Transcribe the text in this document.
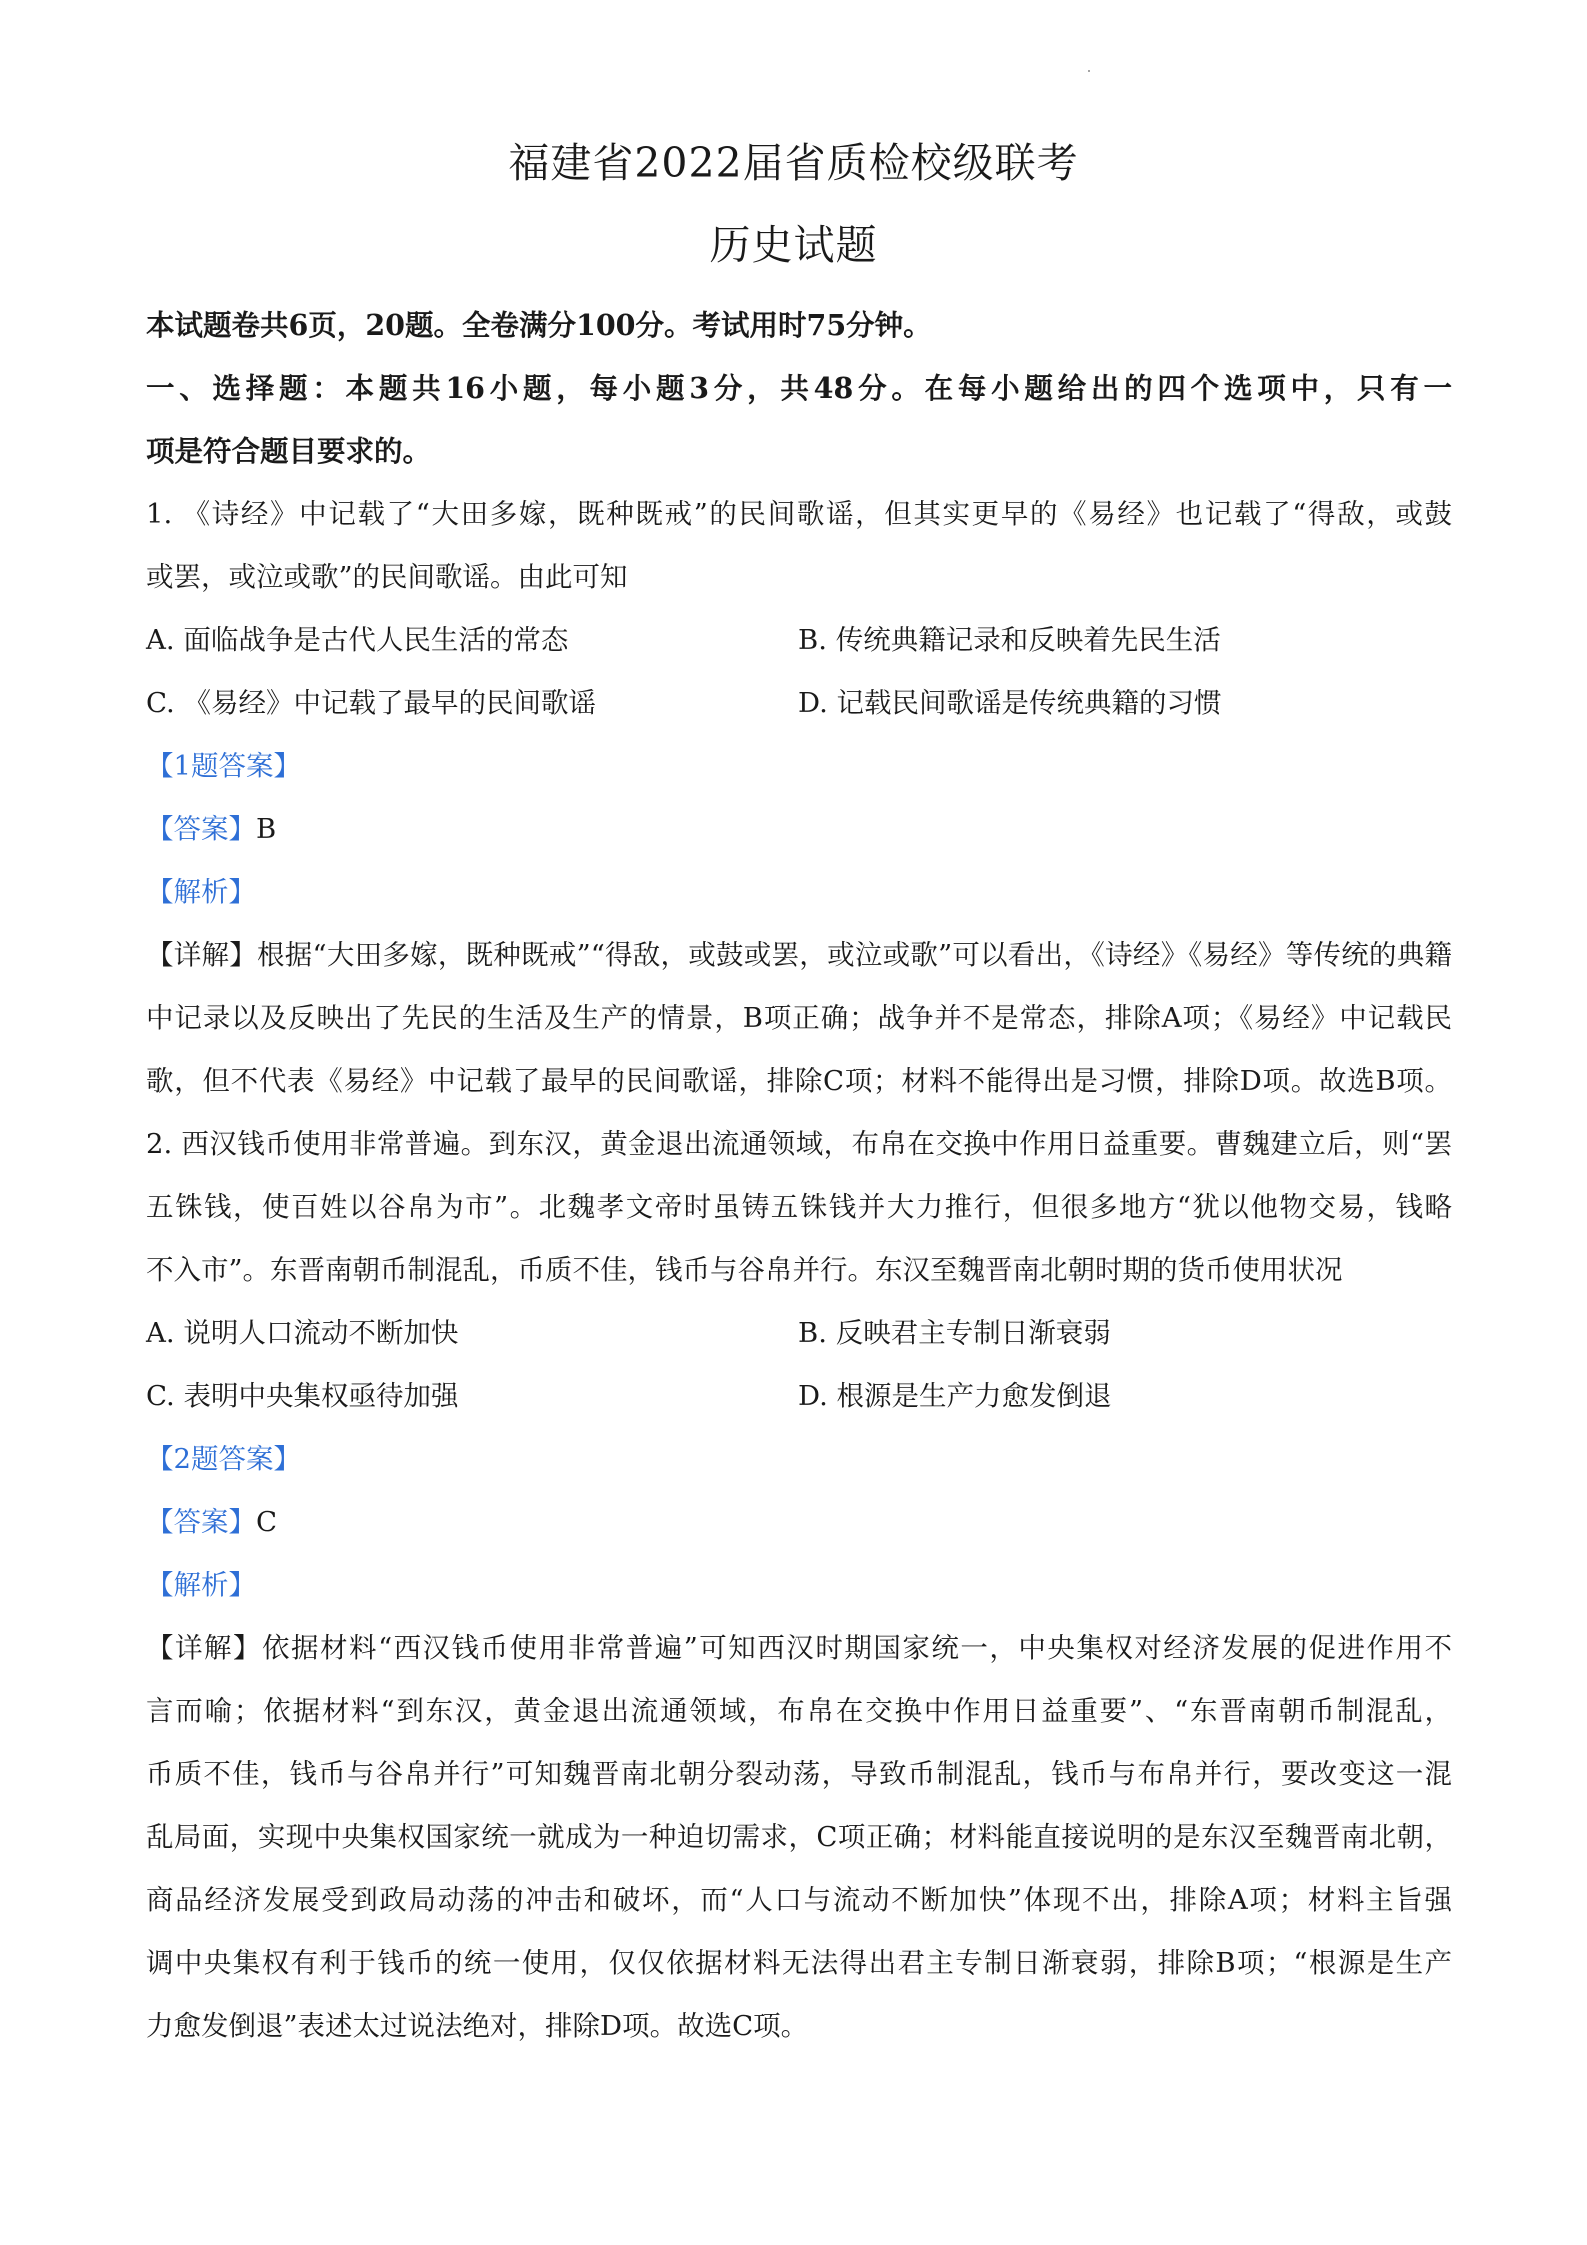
福建省2022届省质检校级联考
历史试题
本试题卷共6页，20题。全卷满分100分。考试用时75分钟。
一、选择题：本题共16小题，每小题3分，共48分。在每小题给出的四个选项中，只有一
项是符合题目要求的。
1. 《诗经》中记载了“大田多嫁，既种既戒”的民间歌谣，但其实更早的《易经》也记载了“得敌，或鼓
或罢，或泣或歌”的民间歌谣。由此可知
A. 面临战争是古代人民生活的常态	B. 传统典籍记录和反映着先民生活
C. 《易经》中记载了最早的民间歌谣	D. 记载民间歌谣是传统典籍的习惯
【1题答案】
【答案】B
【解析】
【详解】根据“大田多嫁，既种既戒”“得敌，或鼓或罢，或泣或歌”可以看出，《诗经》《易经》等传统的典籍
中记录以及反映出了先民的生活及生产的情景，B项正确；战争并不是常态，排除A项；《易经》中记载民
歌，但不代表《易经》中记载了最早的民间歌谣，排除C项；材料不能得出是习惯，排除D项。故选B项。
2. 西汉钱币使用非常普遍。到东汉，黄金退出流通领域，布帛在交换中作用日益重要。曹魏建立后，则“罢
五铢钱，使百姓以谷帛为市”。北魏孝文帝时虽铸五铢钱并大力推行，但很多地方“犹以他物交易，钱略
不入市”。东晋南朝币制混乱，币质不佳，钱币与谷帛并行。东汉至魏晋南北朝时期的货币使用状况
A. 说明人口流动不断加快	B. 反映君主专制日渐衰弱
C. 表明中央集权亟待加强	D. 根源是生产力愈发倒退
【2题答案】
【答案】C
【解析】
【详解】依据材料“西汉钱币使用非常普遍”可知西汉时期国家统一，中央集权对经济发展的促进作用不
言而喻；依据材料“到东汉，黄金退出流通领域，布帛在交换中作用日益重要”、“东晋南朝币制混乱，
币质不佳，钱币与谷帛并行”可知魏晋南北朝分裂动荡，导致币制混乱，钱币与布帛并行，要改变这一混
乱局面，实现中央集权国家统一就成为一种迫切需求，C项正确；材料能直接说明的是东汉至魏晋南北朝，
商品经济发展受到政局动荡的冲击和破坏，而“人口与流动不断加快”体现不出，排除A项；材料主旨强
调中央集权有利于钱币的统一使用，仅仅依据材料无法得出君主专制日渐衰弱，排除B项；“根源是生产
力愈发倒退”表述太过说法绝对，排除D项。故选C项。
